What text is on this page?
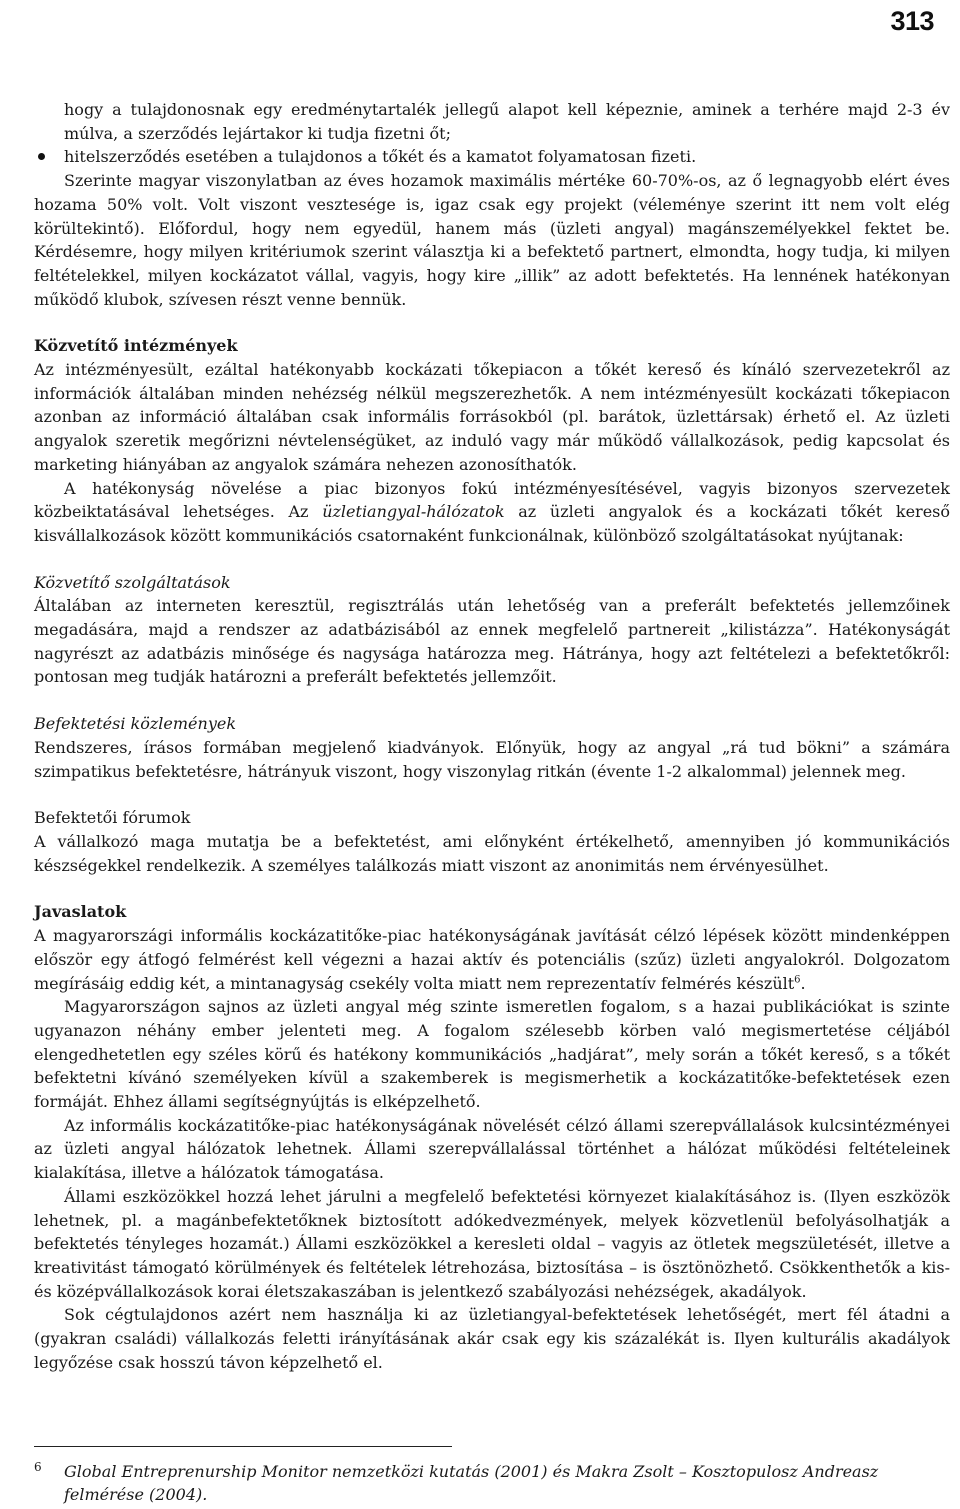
313

hogy a tulajdonosnak egy eredménytartalék jellegű alapot kell képeznie, aminek a terhére majd 2-3 év múlva, a szerződés lejártakor ki tudja fizetni őt;

hitelszerződés esetében a tulajdonos a tőkét és a kamatot folyamatosan fizeti.

Szerinte magyar viszonylatban az éves hozamok maximális mértéke 60-70%-os, az ő legnagyobb elért éves hozama 50% volt. Volt viszont vesztesége is, igaz csak egy projekt (véleménye szerint itt nem volt elég körültekintő). Előfordul, hogy nem egyedül, hanem más (üzleti angyal) magánszemélyekkel fektet be. Kérdésemre, hogy milyen kritériumok szerint választja ki a befektető partnert, elmondta, hogy tudja, ki milyen feltételekkel, milyen kockázatot vállal, vagyis, hogy kire „illik” az adott befektetés. Ha lennének hatékonyan működő klubok, szívesen részt venne bennük.

Közvetítő intézmények

Az intézményesült, ezáltal hatékonyabb kockázati tőkepiacon a tőkét kereső és kínáló szervezetekről az információk általában minden nehézség nélkül megszerezhetők. A nem intézményesült kockázati tőkepiacon azonban az információ általában csak informális forrásokból (pl. barátok, üzlettársak) érhető el. Az üzleti angyalok szeretik megőrizni névtelenségüket, az induló vagy már működő vállalkozások, pedig kapcsolat és marketing hiányában az angyalok számára nehezen azonosíthatók.

A hatékonyság növelése a piac bizonyos fokú intézményesítésével, vagyis bizonyos szervezetek közbeiktatásával lehetséges. Az üzletiangyal-hálózatok az üzleti angyalok és a kockázati tőkét kereső kisvállalkozások között kommunikációs csatornaként funkcionálnak, különböző szolgáltatásokat nyújtanak:

Közvetítő szolgáltatások

Általában az interneten keresztül, regisztrálás után lehetőség van a preferált befektetés jellemzőinek megadására, majd a rendszer az adatbázisából az ennek megfelelő partnereit „kilistázza”. Hatékonyságát nagyrészt az adatbázis minősége és nagysága határozza meg. Hátránya, hogy azt feltételezi a befektetőkről: pontosan meg tudják határozni a preferált befektetés jellemzőit.

Befektetési közlemények

Rendszeres, írásos formában megjelenő kiadványok. Előnyük, hogy az angyal „rá tud bökni” a számára szimpatikus befektetésre, hátrányuk viszont, hogy viszonylag ritkán (évente 1-2 alkalommal) jelennek meg.

Befektetői fórumok

A vállalkozó maga mutatja be a befektetést, ami előnyként értékelhető, amennyiben jó kommunikációs készségekkel rendelkezik. A személyes találkozás miatt viszont az anonimitás nem érvényesülhet.

Javaslatok

A magyarországi informális kockázatitőke-piac hatékonyságának javítását célzó lépések között mindenképpen először egy átfogó felmérést kell végezni a hazai aktív és potenciális (szűz) üzleti angyalokról. Dolgozatom megírásáig eddig két, a mintanagyság csekély volta miatt nem reprezentatív felmérés készült$^6$.

Magyarországon sajnos az üzleti angyal még szinte ismeretlen fogalom, s a hazai publikációkat is szinte ugyanazon néhány ember jelenteti meg. A fogalom szélesebb körben való megismertetése céljából elengedhetetlen egy széles körű és hatékony kommunikációs „hadjárat”, mely során a tőkét kereső, s a tőkét befektetni kívánó személyeken kívül a szakemberek is megismerhetik a kockázatitőke-befektetések ezen formáját. Ehhez állami segítségnyújtás is elképzelhető.

Az informális kockázatitőke-piac hatékonyságának növelését célzó állami szerepvállalások kulcsintézményei az üzleti angyal hálózatok lehetnek. Állami szerepvállalással történhet a hálózat működési feltételeinek kialakítása, illetve a hálózatok támogatása.

Állami eszközökkel hozzá lehet járulni a megfelelő befektetési környezet kialakításához is. (Ilyen eszközök lehetnek, pl. a magánbefektetőknek biztosított adókedvezmények, melyek közvetlenül befolyásolhatják a befektetés tényleges hozamát.) Állami eszközökkel a keresleti oldal – vagyis az ötletek megszületését, illetve a kreativitást támogató körülmények és feltételek létrehozása, biztosítása – is ösztönözhető. Csökkenthetők a kis- és középvállalkozások korai életszakaszában is jelentkező szabályozási nehézségek, akadályok.

Sok cégtulajdonos azért nem használja ki az üzletiangyal-befektetések lehetőségét, mert fél átadni a (gyakran családi) vállalkozás feletti irányításának akár csak egy kis százalékát is. Ilyen kulturális akadályok legyőzése csak hosszú távon képzelhető el.

6	Global Entreprenurship Monitor nemzetközi kutatás (2001) és Makra Zsolt – Kosztopulosz Andreasz felmérése (2004).
